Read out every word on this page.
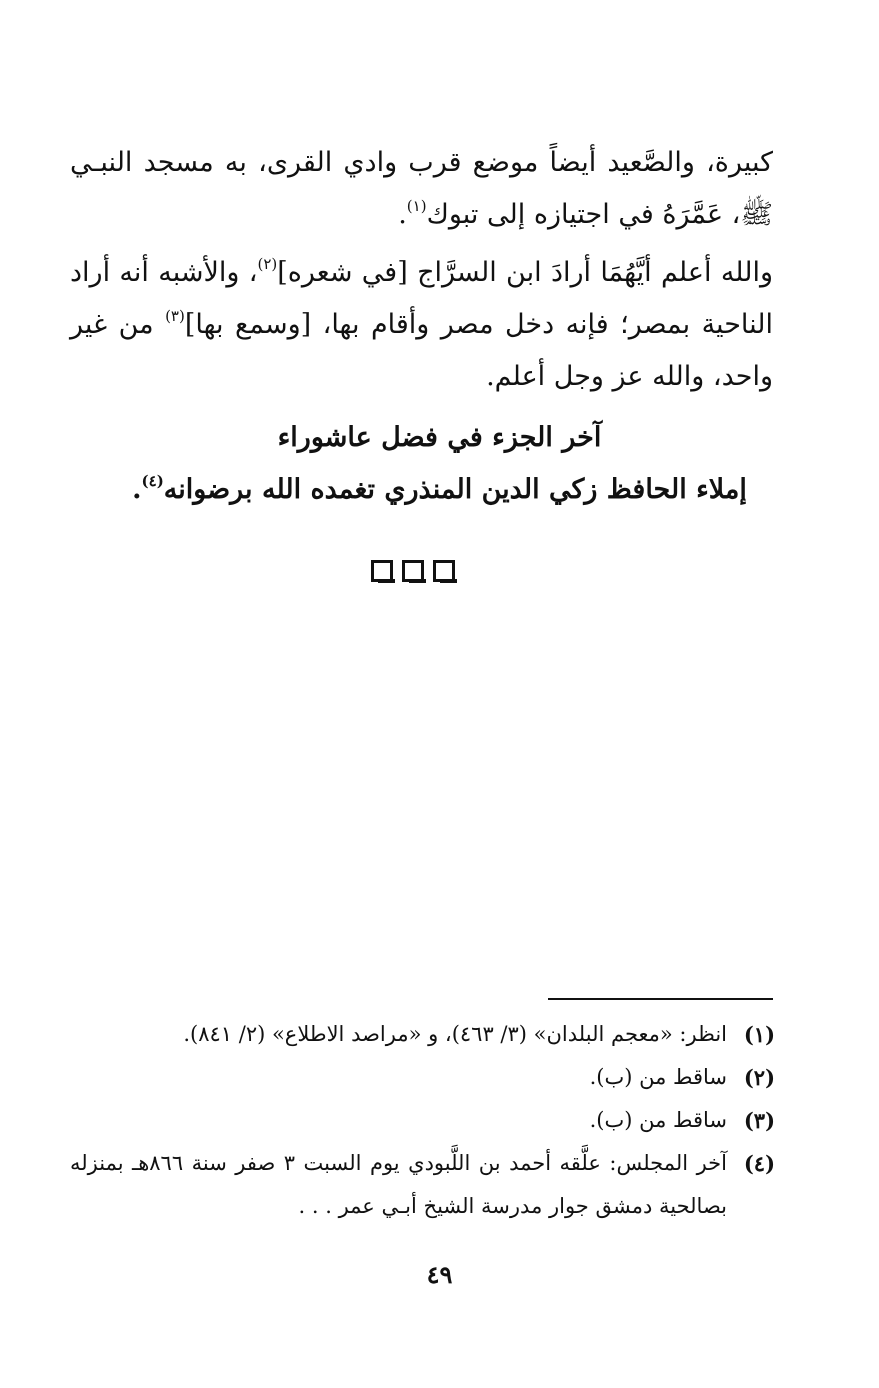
كبيرة، والصَّعيد أيضاً موضع قرب وادي القرى، به مسجد النبـي ﷺ، عَمَّرَهُ في اجتيازه إلى تبوك$^{(١)}$.

والله أعلم أيَّهُمَا أرادَ ابن السرَّاج [في شعره]$^{(٢)}$، والأشبه أنه أراد الناحية بمصر؛ فإنه دخل مصر وأقام بها، [وسمع بها]$^{(٣)}$ من غير واحد، والله عز وجل أعلم.

آخر الجزء في فضل عاشوراء

إملاء الحافظ زكي الدين المنذري تغمده الله برضوانه$^{(٤)}$.

(١)
انظر: «معجم البلدان» (٣/ ٤٦٣)، و «مراصد الاطلاع» (٢/ ٨٤١).
(٢)
ساقط من (ب).
(٣)
ساقط من (ب).
(٤)
آخر المجلس: علَّقه أحمد بن اللَّبودي يوم السبت ٣ صفر سنة ٨٦٦هـ بمنزله بصالحية دمشق جوار مدرسة الشيخ أبـي عمر . . .
٤٩
